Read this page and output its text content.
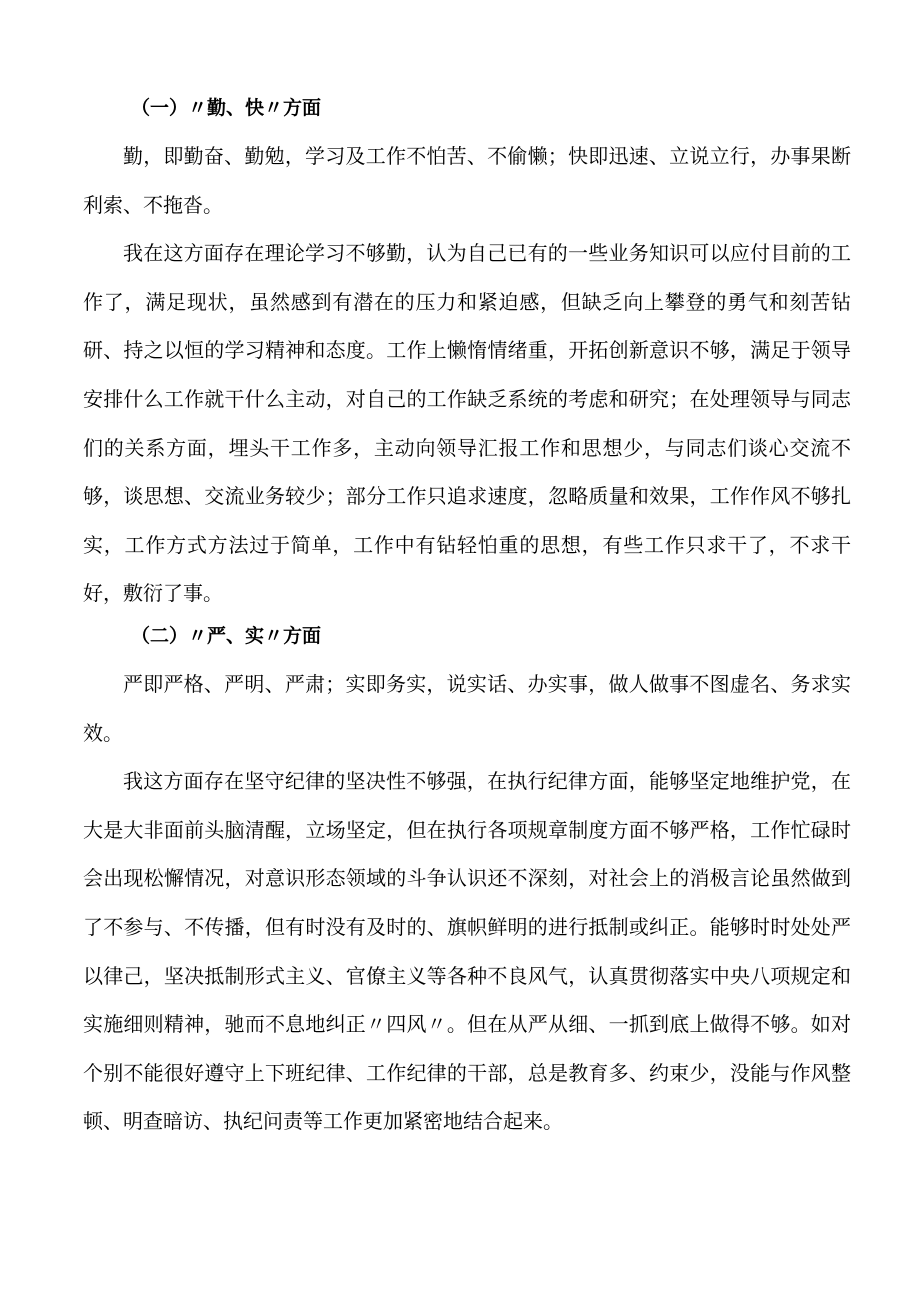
（一）〃勤、快〃方面

勤，即勤奋、勤勉，学习及工作不怕苦、不偷懒；快即迅速、立说立行，办事果断利索、不拖沓。

我在这方面存在理论学习不够勤，认为自己已有的一些业务知识可以应付目前的工作了，满足现状，虽然感到有潜在的压力和紧迫感，但缺乏向上攀登的勇气和刻苦钻研、持之以恒的学习精神和态度。工作上懒惰情绪重，开拓创新意识不够，满足于领导安排什么工作就干什么主动，对自己的工作缺乏系统的考虑和研究；在处理领导与同志们的关系方面，埋头干工作多，主动向领导汇报工作和思想少，与同志们谈心交流不够，谈思想、交流业务较少；部分工作只追求速度，忽略质量和效果，工作作风不够扎实，工作方式方法过于简单，工作中有钻轻怕重的思想，有些工作只求干了，不求干好，敷衍了事。

（二）〃严、实〃方面

严即严格、严明、严肃；实即务实，说实话、办实事，做人做事不图虚名、务求实效。

我这方面存在坚守纪律的坚决性不够强，在执行纪律方面，能够坚定地维护党，在大是大非面前头脑清醒，立场坚定，但在执行各项规章制度方面不够严格，工作忙碌时会出现松懈情况，对意识形态领域的斗争认识还不深刻，对社会上的消极言论虽然做到了不参与、不传播，但有时没有及时的、旗帜鲜明的进行抵制或纠正。能够时时处处严以律己，坚决抵制形式主义、官僚主义等各种不良风气，认真贯彻落实中央八项规定和实施细则精神，驰而不息地纠正〃四风〃。但在从严从细、一抓到底上做得不够。如对个别不能很好遵守上下班纪律、工作纪律的干部，总是教育多、约束少，没能与作风整顿、明查暗访、执纪问责等工作更加紧密地结合起来。
